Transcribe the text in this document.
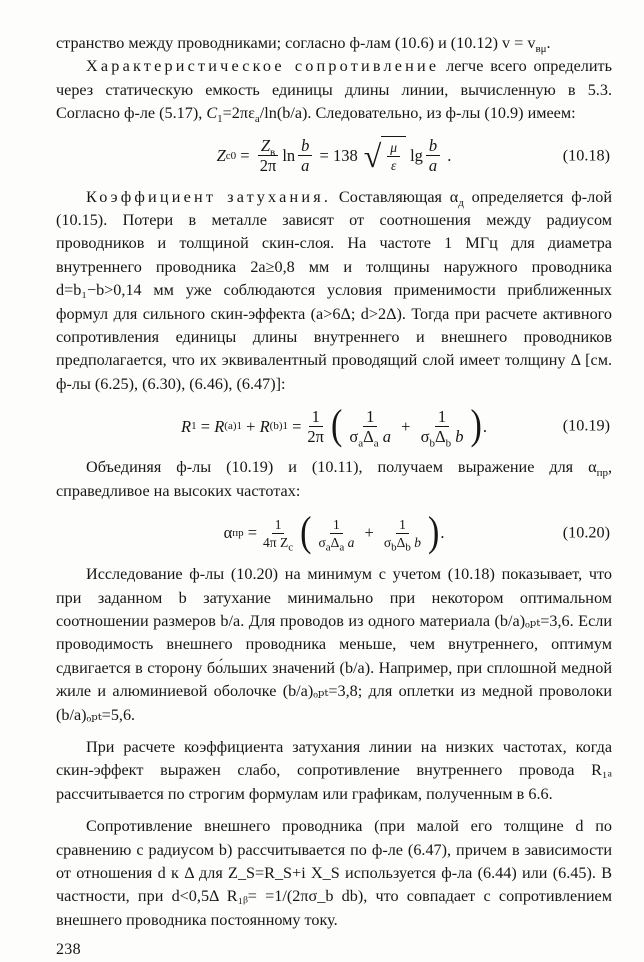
странство между проводниками; согласно ф-лам (10.6) и (10.12) $v = v_{в\mu}$.

Характеристическое сопротивление легче всего определить через статическую емкость единицы длины линии, вычисленную в 5.3. Согласно ф-ле (5.17), $C_1=2\pi\varepsilon_a/\ln(b/a)$. Следовательно, из ф-лы (10.9) имеем:

Z c0 =
$Z_в$
2π
ln
b
a
= 138 √ μ
ε
lg
b
a
.	(10.18)

Коэффициент затухания. Составляющая $\alpha_д$ определяется ф-лой (10.15). Потери в металле зависят от соотношения между радиусом проводников и толщиной скин-слоя. На частоте 1 МГц для диаметра внутреннего проводника 2a≥0,8 мм и толщины наружного проводника d=b₁−b>0,14 мм уже соблюдаются условия применимости приближенных формул для сильного скин-эффекта (a>6Δ; d>2Δ). Тогда при расчете активного сопротивления единицы длины внутреннего и внешнего проводников предполагается, что их эквивалентный проводящий слой имеет толщину Δ [см. ф-лы (6.25), (6.30), (6.46), (6.47)]:

R 1 = R (a) 1 + R (b) 1 =
1
2π ( 1
$\sigma_a\Delta_a$ a
+
1
$\sigma_b\Delta_b$ b ) .	(10.19)

Объединяя ф-лы (10.19) и (10.11), получаем выражение для $\alpha_{пр}$, справедливое на высоких частотах:

α пр = 1
4π $Z_c$ ( 1
$\sigma_a\Delta_a$ a + 1
$\sigma_b\Delta_b$ b ) .	(10.20)

Исследование ф-лы (10.20) на минимум с учетом (10.18) показывает, что при заданном b затухание минимально при некотором оптимальном соотношении размеров b/a. Для проводов из одного материала (b/a)ₒₚₜ=3,6. Если проводимость внешнего проводника меньше, чем внутреннего, оптимум сдвигается в сторону бо́льших значений (b/a). Например, при сплошной медной жиле и алюминиевой оболочке (b/a)ₒₚₜ=3,8; для оплетки из медной проволоки (b/a)ₒₚₜ=5,6.

При расчете коэффициента затухания линии на низких частотах, когда скин-эффект выражен слабо, сопротивление внутреннего провода R₁ₐ рассчитывается по строгим формулам или графикам, полученным в 6.6.

Сопротивление внешнего проводника (при малой его толщине d по сравнению с радиусом b) рассчитывается по ф-ле (6.47), причем в зависимости от отношения d к Δ для Z_S=R_S+i X_S используется ф-ла (6.44) или (6.45). В частности, при d<0,5Δ R₁ᵦ= =1/(2πσ_b db), что совпадает с сопротивлением внешнего проводника постоянному току.

238
